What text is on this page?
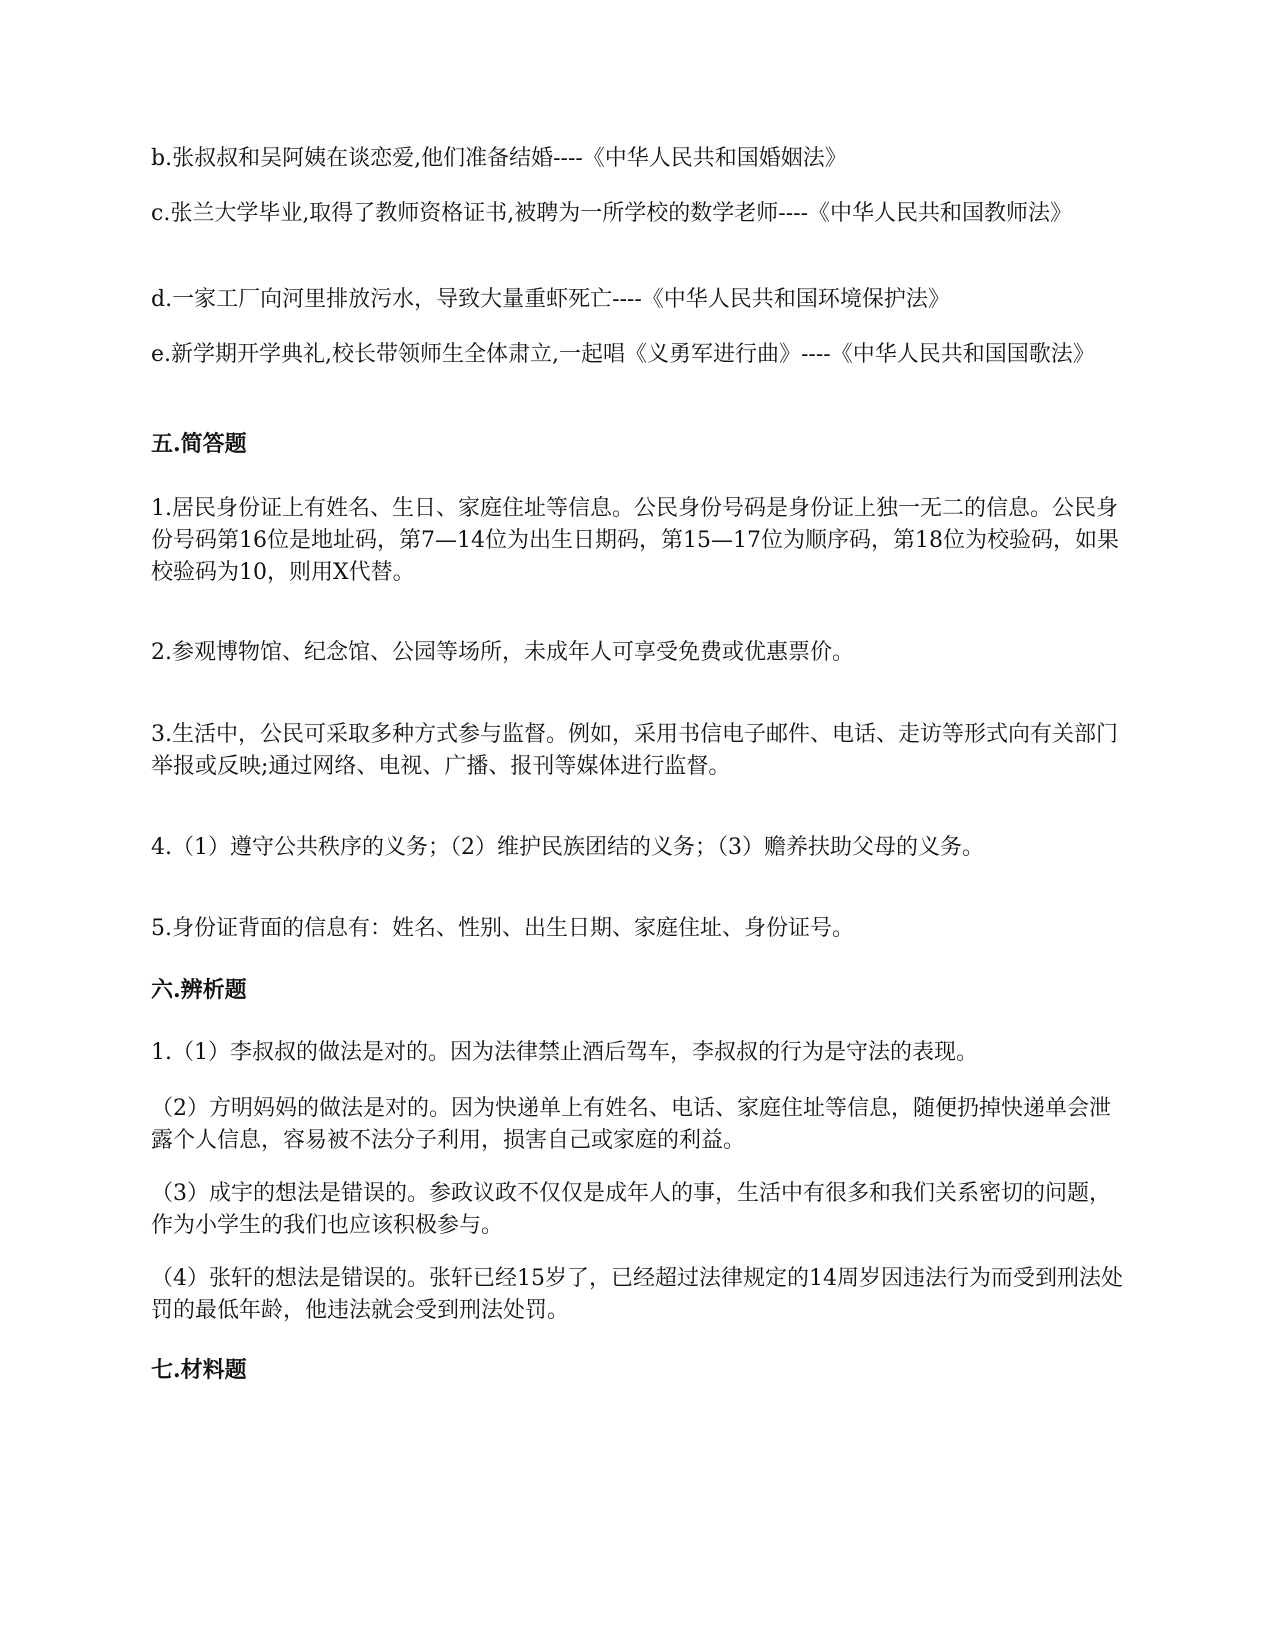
b.张叔叔和吴阿姨在谈恋爱,他们准备结婚----《中华人民共和国婚姻法》

c.张兰大学毕业,取得了教师资格证书,被聘为一所学校的数学老师----《中华人民共和国教师法》

d.一家工厂向河里排放污水，导致大量重虾死亡----《中华人民共和国环境保护法》

e.新学期开学典礼,校长带领师生全体肃立,一起唱《义勇军进行曲》----《中华人民共和国国歌法》

五.简答题

1.居民身份证上有姓名、生日、家庭住址等信息。公民身份号码是身份证上独一无二的信息。公民身份号码第16位是地址码，第7—14位为出生日期码，第15—17位为顺序码，第18位为校验码，如果校验码为10，则用X代替。

2.参观博物馆、纪念馆、公园等场所，未成年人可享受免费或优惠票价。

3.生活中，公民可采取多种方式参与监督。例如，采用书信电子邮件、电话、走访等形式向有关部门举报或反映;通过网络、电视、广播、报刊等媒体进行监督。

4.（1）遵守公共秩序的义务；（2）维护民族团结的义务；（3）赡养扶助父母的义务。

5.身份证背面的信息有：姓名、性别、出生日期、家庭住址、身份证号。

六.辨析题

1.（1）李叔叔的做法是对的。因为法律禁止酒后驾车，李叔叔的行为是守法的表现。

（2）方明妈妈的做法是对的。因为快递单上有姓名、电话、家庭住址等信息，随便扔掉快递单会泄露个人信息，容易被不法分子利用，损害自己或家庭的利益。

（3）成宇的想法是错误的。参政议政不仅仅是成年人的事，生活中有很多和我们关系密切的问题，作为小学生的我们也应该积极参与。

（4）张轩的想法是错误的。张轩已经15岁了，已经超过法律规定的14周岁因违法行为而受到刑法处罚的最低年龄，他违法就会受到刑法处罚。

七.材料题
